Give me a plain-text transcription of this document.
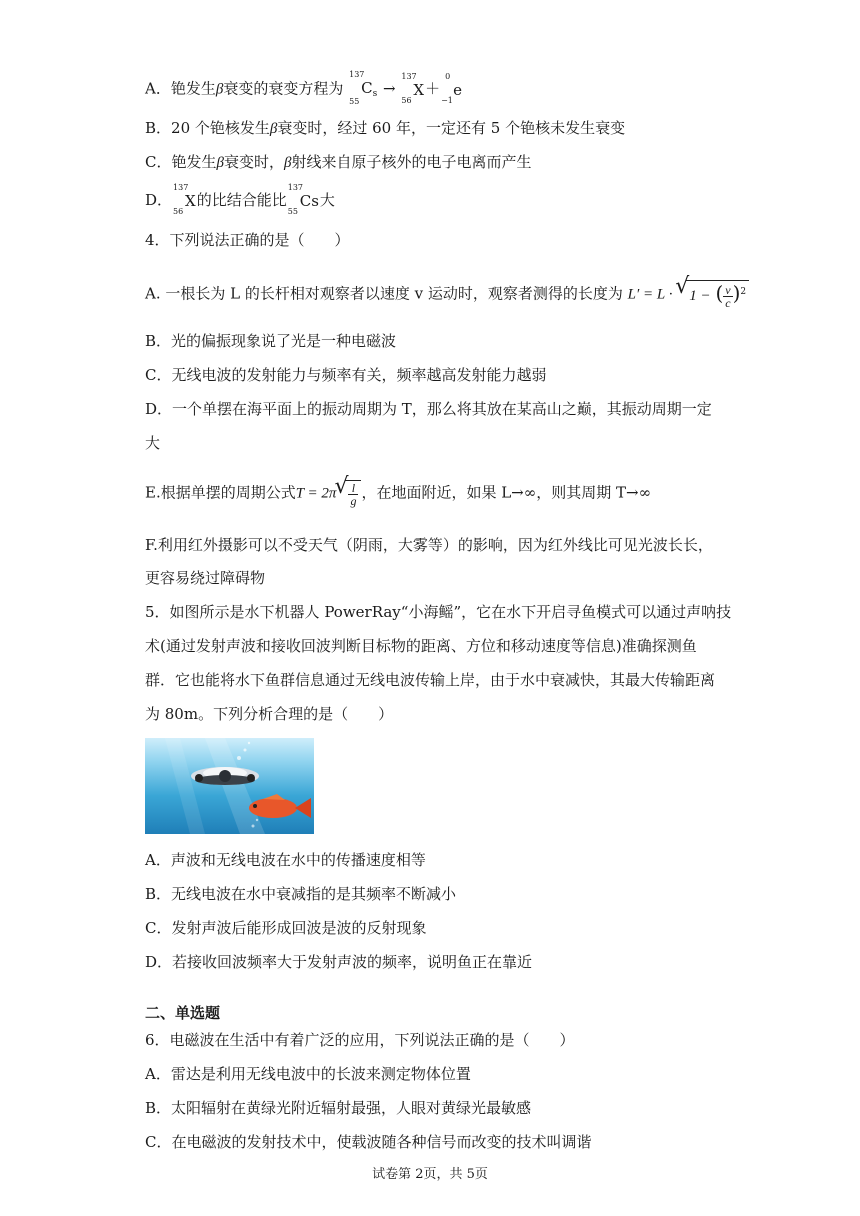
A．铯发生β衰变的衰变方程为
137
55
$C_s$ →
137
56
X＋
0
−1
e
B．20 个铯核发生β衰变时，经过 60 年，一定还有 5 个铯核未发生衰变
C．铯发生β衰变时，β射线来自原子核外的电子电离而产生
D．
137
56
X的比结合能比
137
55
Cs大
4．下列说法正确的是（　　）
A. 一根长为 L 的长杆相对观察者以速度 v 运动时，观察者测得的长度为 L′ = L · √ 1 − ( $\frac{v}{c} )^2$
B．光的偏振现象说了光是一种电磁波
C．无线电波的发射能力与频率有关，频率越高发射能力越弱
D．一个单摆在海平面上的振动周期为 T，那么将其放在某高山之巅，其振动周期一定
大
E.根据单摆的周期公式T = 2π √ $\frac{l}{g}$ ，在地面附近，如果 L→∞，则其周期 T→∞
F.利用红外摄影可以不受天气（阴雨，大雾等）的影响，因为红外线比可见光波长长，
更容易绕过障碍物
5．如图所示是水下机器人 PowerRay“小海鳐”，它在水下开启寻鱼模式可以通过声呐技
术(通过发射声波和接收回波判断目标物的距离、方位和移动速度等信息)准确探测鱼
群．它也能将水下鱼群信息通过无线电波传输上岸，由于水中衰减快，其最大传输距离
为 80m。下列分析合理的是（　　）
A．声波和无线电波在水中的传播速度相等
B．无线电波在水中衰减指的是其频率不断减小
C．发射声波后能形成回波是波的反射现象
D．若接收回波频率大于发射声波的频率，说明鱼正在靠近
二、单选题
6．电磁波在生活中有着广泛的应用，下列说法正确的是（　　）
A．雷达是利用无线电波中的长波来测定物体位置
B．太阳辐射在黄绿光附近辐射最强，人眼对黄绿光最敏感
C．在电磁波的发射技术中，使载波随各种信号而改变的技术叫调谐
试卷第 2页，共 5页
